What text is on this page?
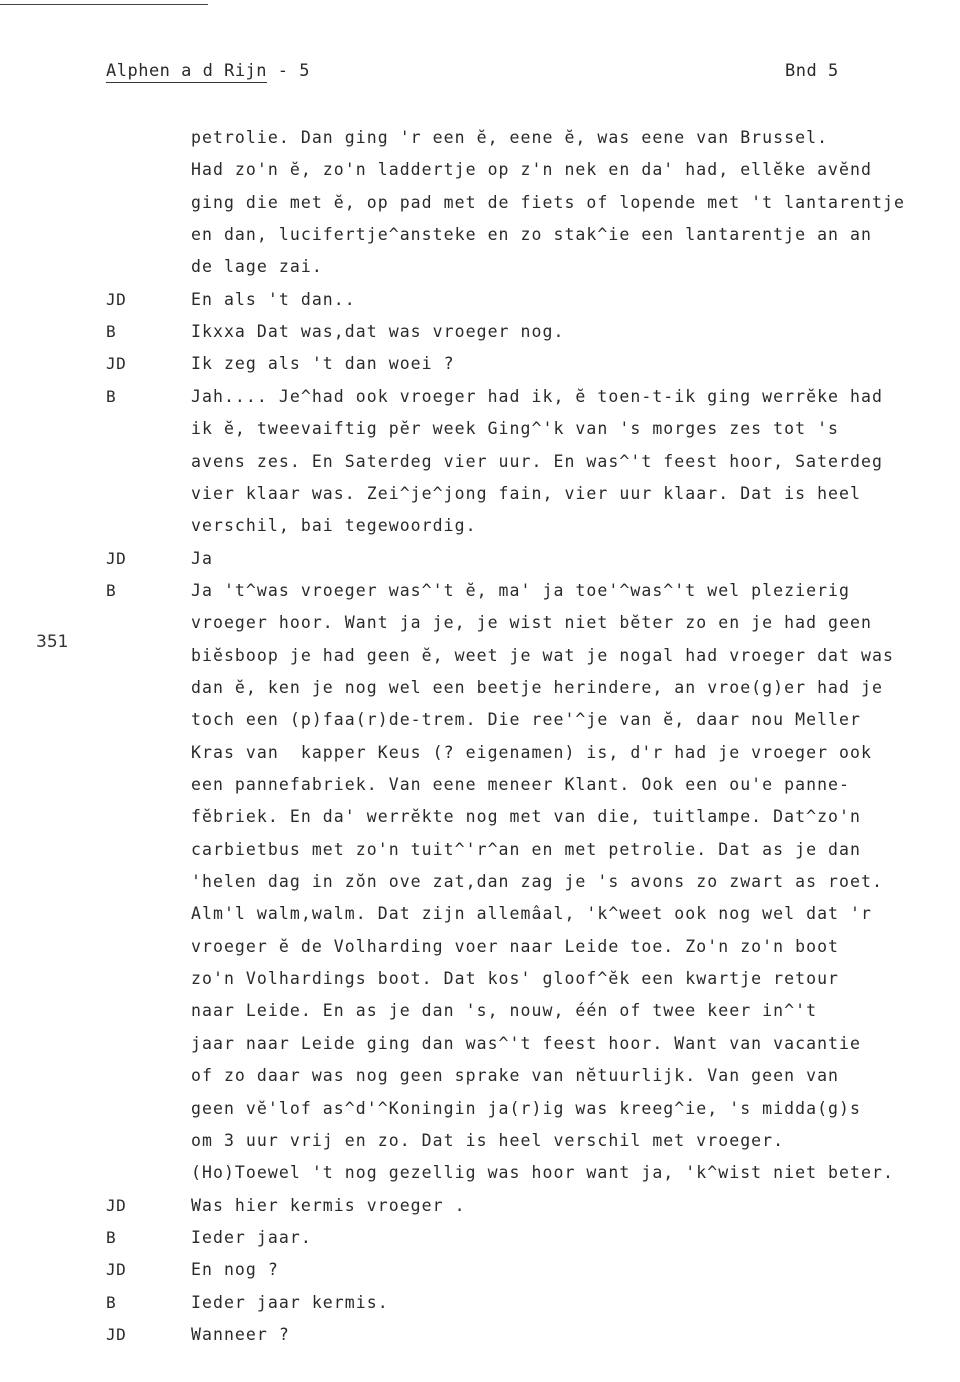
Alphen a d Rijn - 5	Bnd 5
351
petrolie. Dan ging 'r een ĕ, eene ĕ, was eene van Brussel.
Had zo'n ĕ, zo'n laddertje op z'n nek en da' had, ellĕke avĕnd
ging die met ĕ, op pad met de fiets of lopende met 't lantarentje
en dan, lucifertje^ansteke en zo stak^ie een lantarentje an an
de lage zai.
JD	En als 't dan..
B	Ikxxa Dat was,dat was vroeger nog.
JD	Ik zeg als 't dan woei ?
B	Jah.... Je^had ook vroeger had ik, ĕ toen-t-ik ging werrĕke had
ik ĕ, tweevaiftig pĕr week Ging^'k van 's morges zes tot 's
avens zes. En Saterdeg vier uur. En was^'t feest hoor, Saterdeg
vier klaar was. Zei^je^jong fain, vier uur klaar. Dat is heel
verschil, bai tegewoordig.
JD	Ja
B	Ja 't^was vroeger was^'t ĕ, ma' ja toe'^was^'t wel plezierig
vroeger hoor. Want ja je, je wist niet bĕter zo en je had geen
biĕsboop je had geen ĕ, weet je wat je nogal had vroeger dat was
dan ĕ, ken je nog wel een beetje herindere, an vroe(g)er had je
toch een (p)faa(r)de-trem. Die ree'^je van ĕ, daar nou Meller
Kras van  kapper Keus (? eigenamen) is, d'r had je vroeger ook
een pannefabriek. Van eene meneer Klant. Ook een ou'e panne-
fĕbriek. En da' werrĕkte nog met van die, tuitlampe. Dat^zo'n
carbietbus met zo'n tuit^'r^an en met petrolie. Dat as je dan
'helen dag in zŏn ove zat,dan zag je 's avons zo zwart as roet.
Alm'l walm,walm. Dat zijn allemâal, 'k^weet ook nog wel dat 'r
vroeger ĕ de Volharding voer naar Leide toe. Zo'n zo'n boot
zo'n Volhardings boot. Dat kos' gloof^ĕk een kwartje retour
naar Leide. En as je dan 's, nouw, één of twee keer in^'t
jaar naar Leide ging dan was^'t feest hoor. Want van vacantie
of zo daar was nog geen sprake van nĕtuurlijk. Van geen van
geen vĕ'lof as^d'^Koningin ja(r)ig was kreeg^ie, 's midda(g)s
om 3 uur vrij en zo. Dat is heel verschil met vroeger.
(Ho)Toewel 't nog gezellig was hoor want ja, 'k^wist niet beter.
JD	Was hier kermis vroeger .
B	Ieder jaar.
JD	En nog ?
B	Ieder jaar kermis.
JD	Wanneer ?
